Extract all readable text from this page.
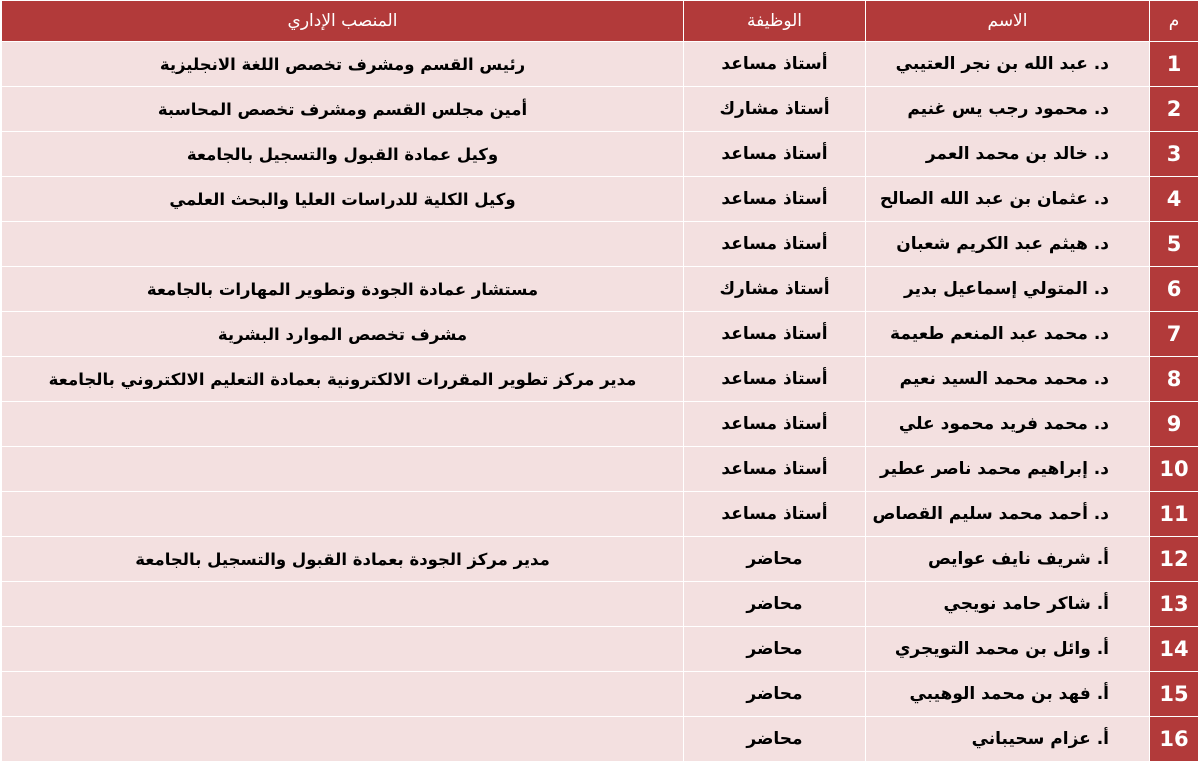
م	الاسم	الوظيفة	المنصب الإداري
1	د. عبد الله بن نجر العتيبي	أستاذ مساعد	رئيس القسم ومشرف تخصص اللغة الانجليزية
2	د. محمود رجب يس غنيم	أستاذ مشارك	أمين مجلس القسم ومشرف تخصص المحاسبة
3	د. خالد بن محمد العمر	أستاذ مساعد	وكيل عمادة القبول والتسجيل بالجامعة
4	د. عثمان بن عبد الله الصالح	أستاذ مساعد	وكيل الكلية للدراسات العليا والبحث العلمي
5	د. هيثم عبد الكريم شعبان	أستاذ مساعد	
6	د. المتولي إسماعيل بدير	أستاذ مشارك	مستشار عمادة الجودة وتطوير المهارات بالجامعة
7	د. محمد عبد المنعم طعيمة	أستاذ مساعد	مشرف تخصص الموارد البشرية
8	د. محمد محمد السيد نعيم	أستاذ مساعد	مدير مركز تطوير المقررات الالكترونية بعمادة التعليم الالكتروني بالجامعة
9	د. محمد فريد محمود علي	أستاذ مساعد	
10	د. إبراهيم محمد ناصر عطير	أستاذ مساعد	
11	د. أحمد محمد سليم القصاص	أستاذ مساعد	
12	أ. شريف نايف عوايص	محاضر	مدير مركز الجودة بعمادة القبول والتسجيل بالجامعة
13	أ. شاكر حامد نويجي	محاضر	
14	أ. وائل بن محمد التويجري	محاضر	
15	أ. فهد بن محمد الوهيبي	محاضر	
16	أ. عزام سحيباني	محاضر	
